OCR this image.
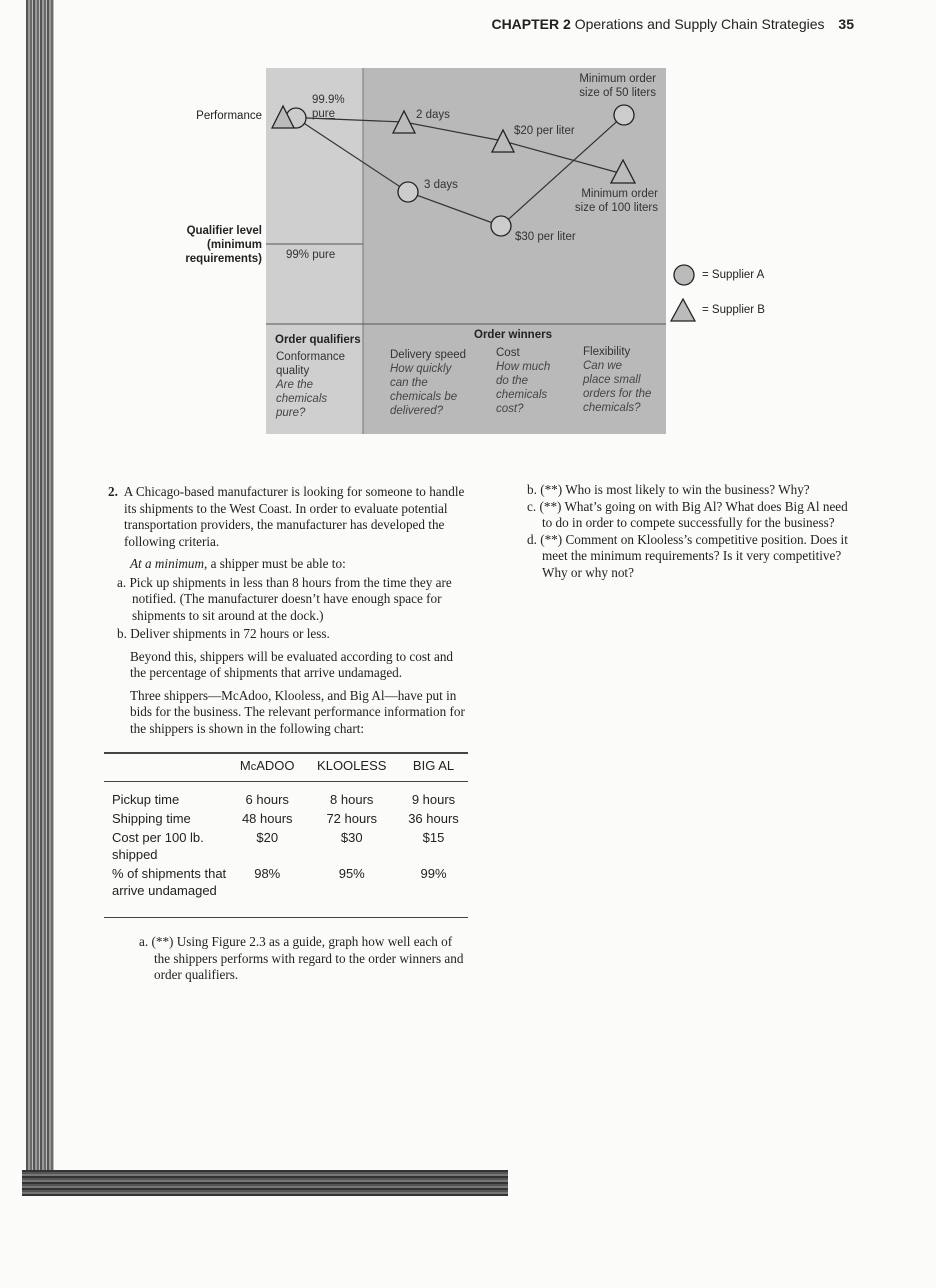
CHAPTER 2 Operations and Supply Chain Strategies 35
Performance
Qualifier level
(minimum
requirements)
99.9%
pure	2 days
3 days
$20 per liter
$30 per liter
Minimum order
size of 50 liters
Minimum order
size of 100 liters
99% pure
Order qualifiers	Order winners
Conformance
quality
Are the
chemicals
pure?
Delivery speed
How quickly
can the
chemicals be
delivered?
Cost
How much
do the
chemicals
cost?
Flexibility
Can we
place small
orders for the
chemicals?
= Supplier A
= Supplier B

2. A Chicago-based manufacturer is looking for someone to handle its shipments to the West Coast. In order to evaluate potential transportation providers, the manufacturer has developed the following criteria.

At a minimum, a shipper must be able to:

a. Pick up shipments in less than 8 hours from the time they are notified. (The manufacturer doesn’t have enough space for shipments to sit around at the dock.)

b. Deliver shipments in 72 hours or less.

Beyond this, shippers will be evaluated according to cost and the percentage of shipments that arrive undamaged.

Three shippers—McAdoo, Klooless, and Big Al—have put in bids for the business. The relevant performance information for the shippers is shown in the following chart:

	McADOO	KLOOLESS	BIG AL

Pickup time	6 hours	8 hours	9 hours
Shipping time	48 hours	72 hours	36 hours
Cost per 100 lb. shipped	$20	$30	$15
% of shipments that arrive undamaged	98%	95%	99%

a. (**) Using Figure 2.3 as a guide, graph how well each of the shippers performs with regard to the order winners and order qualifiers.

b. (**) Who is most likely to win the business? Why?

c. (**) What’s going on with Big Al? What does Big Al need to do in order to compete successfully for the business?

d. (**) Comment on Klooless’s competitive position. Does it meet the minimum requirements? Is it very competitive? Why or why not?
